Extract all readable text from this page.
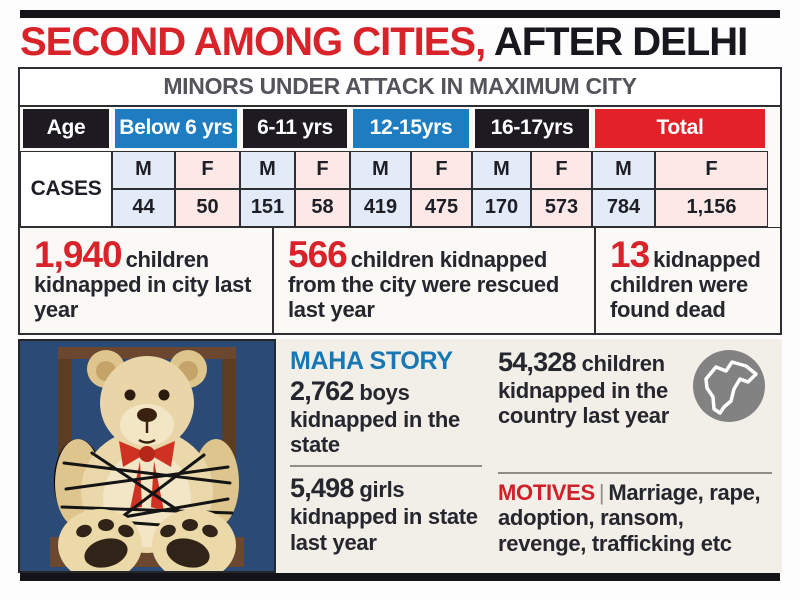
SECOND AMONG CITIES, AFTER DELHI
MINORS UNDER ATTACK IN MAXIMUM CITY
Age	Below 6 yrs	6-11 yrs	12-15yrs	16-17yrs	Total
CASES
M	F	M	F	M	F	M	F	M	F
44	50	151	58	419	475	170	573	784	1,156
1,940 children kidnapped in city last year
566 children kidnapped from the city were rescued last year
13 kidnapped children were found dead
MAHA STORY
2,762 boys kidnapped in the state
5,498 girls kidnapped in state last year
54,328 children kidnapped in the country last year
MOTIVES | Marriage, rape, adoption, ransom, revenge, trafficking etc
